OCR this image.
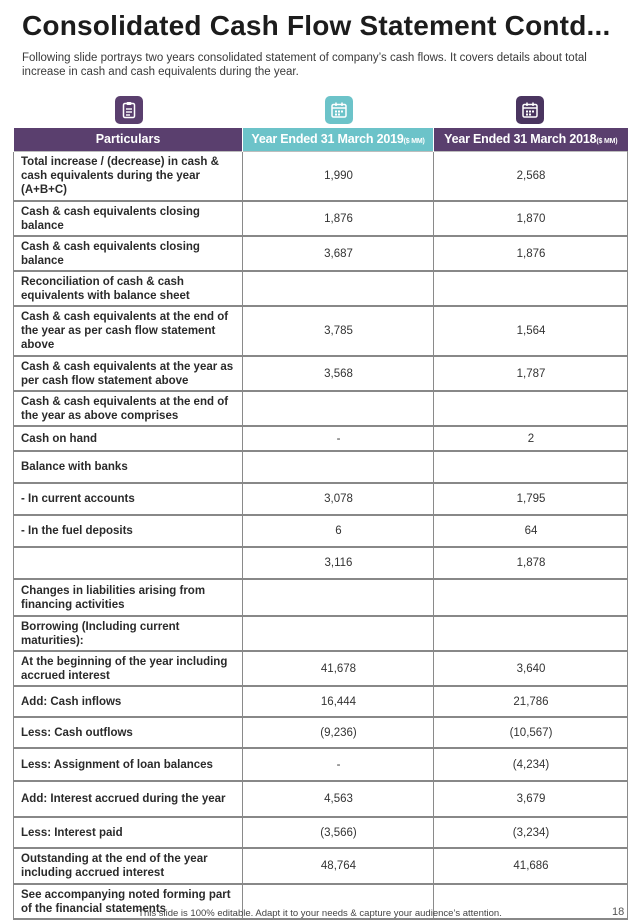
Consolidated Cash Flow Statement Contd...
Following slide portrays two years consolidated statement of company’s cash flows. It covers details about total increase in cash and cash equivalents during the year.
Particulars	Year Ended 31 March 2019($ MM)	Year Ended 31 March 2018($ MM)
Total increase / (decrease) in cash & cash equivalents during the year (A+B+C)	1,990	2,568
Cash & cash equivalents closing balance	1,876	1,870
Cash & cash equivalents closing balance	3,687	1,876
Reconciliation of cash & cash equivalents with balance sheet		
Cash & cash equivalents at the end of the year as per cash flow statement above	3,785	1,564
Cash & cash equivalents at the year as per cash flow statement above	3,568	1,787
Cash & cash equivalents at the end of the year as above comprises		
Cash on hand	-	2
Balance with banks		
- In current accounts	3,078	1,795
- In the fuel deposits	6	64
	3,116	1,878
Changes in liabilities arising from financing activities		
Borrowing (Including current maturities):		
At the beginning of the year including accrued interest	41,678	3,640
Add: Cash inflows	16,444	21,786
Less: Cash outflows	(9,236)	(10,567)
Less: Assignment of loan balances	-	(4,234)
Add: Interest accrued during the year	4,563	3,679
Less: Interest paid	(3,566)	(3,234)
Outstanding at the end of the year including accrued interest	48,764	41,686
See accompanying noted forming part of the financial statements		
This slide is 100% editable. Adapt it to your needs & capture your audience’s attention.	18
